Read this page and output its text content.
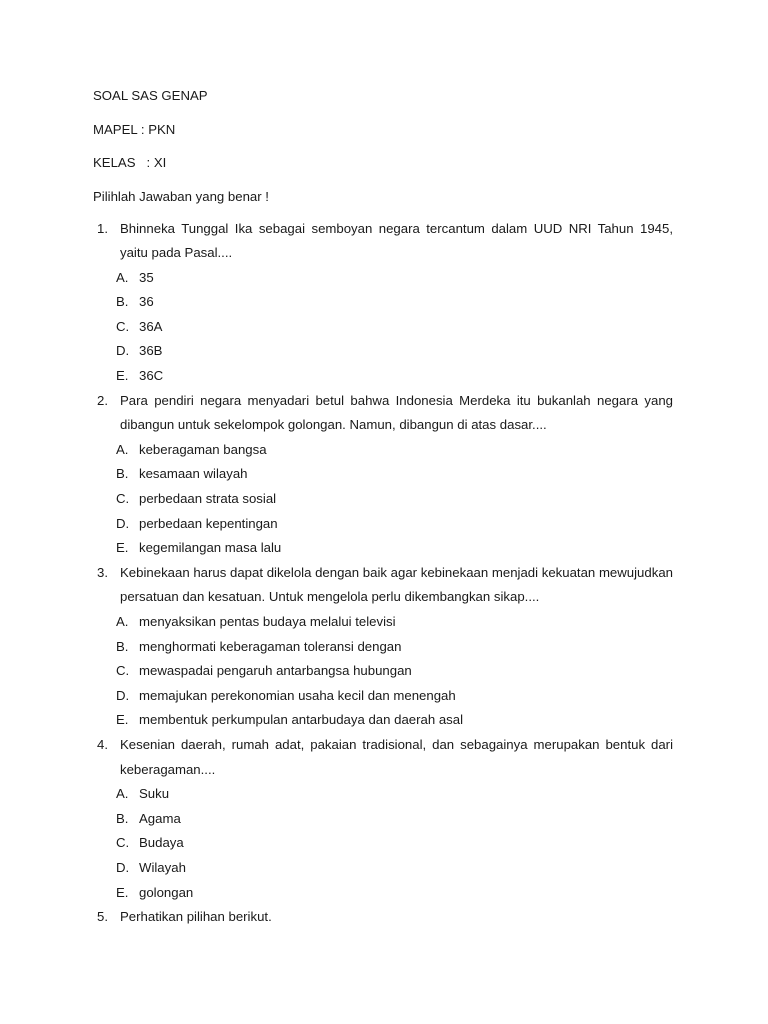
SOAL SAS GENAP
MAPEL : PKN
KELAS   : XI
Pilihlah Jawaban yang benar !
1. Bhinneka Tunggal Ika sebagai semboyan negara tercantum dalam UUD NRI Tahun 1945, yaitu pada Pasal....
A. 35
B. 36
C. 36A
D. 36B
E. 36C
2. Para pendiri negara menyadari betul bahwa Indonesia Merdeka itu bukanlah negara yang dibangun untuk sekelompok golongan. Namun, dibangun di atas dasar....
A. keberagaman bangsa
B. kesamaan wilayah
C. perbedaan strata sosial
D. perbedaan kepentingan
E. kegemilangan masa lalu
3. Kebinekaan harus dapat dikelola dengan baik agar kebinekaan menjadi kekuatan mewujudkan persatuan dan kesatuan. Untuk mengelola perlu dikembangkan sikap....
A. menyaksikan pentas budaya melalui televisi
B. menghormati keberagaman toleransi dengan
C. mewaspadai pengaruh antarbangsa hubungan
D. memajukan perekonomian usaha kecil dan menengah
E. membentuk perkumpulan antarbudaya dan daerah asal
4. Kesenian daerah, rumah adat, pakaian tradisional, dan sebagainya merupakan bentuk dari keberagaman....
A. Suku
B. Agama
C. Budaya
D. Wilayah
E. golongan
5. Perhatikan pilihan berikut.
